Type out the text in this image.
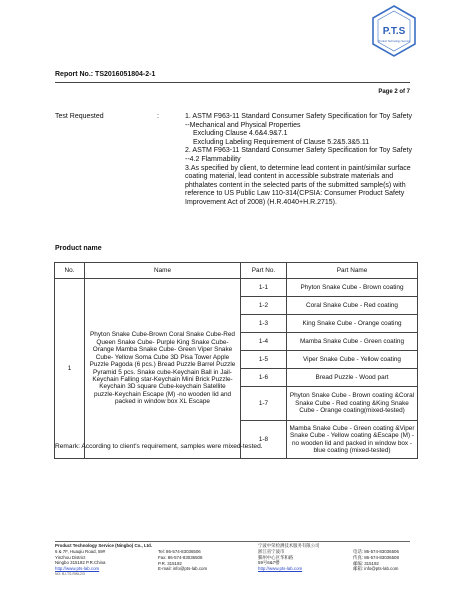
P.T.S
Product Technology Service
Report No.: TS2016051804-2-1
Page 2 of 7
Test Requested	:	1. ASTM F963-11 Standard Consumer Safety Specification for Toy Safety
--Mechanical and Physical Properties
Excluding Clause 4.6&4.9&7.1
Excluding Labeling Requirement of Clause 5.2&5.3&5.11
2. ASTM F963-11 Standard Consumer Safety Specification for Toy Safety
--4.2 Flammability
3.As specified by client, to determine lead content in paint/similar surface coating material, lead content in accessible substrate materials and phthalates content in the selected parts of the submitted sample(s) with reference to US Public Law 110-314(CPSIA: Consumer Product Safety Improvement Act of 2008) (H.R.4040+H.R.2715).
Product name
No.	Name	Part No.	Part Name
1	Phyton Snake Cube-Brown Coral Snake Cube-Red Queen Snake Cube- Purple King Snake Cube- Orange Mamba Snake Cube- Green Viper Snake Cube- Yellow Soma Cube 3D Pisa Tower Apple Puzzle Pagoda (6 pcs.) Bread Puzzle Barrel Puzzle Pyramid 5 pcs. Snake cube-Keychain Ball in Jail-Keychain Falling star-Keychain Mini Brick Puzzle-Keychain 3D square Cube-keychain Satellite puzzle-Keychain Escape (M) -no wooden lid and packed in window box XL Escape	1-1	Phyton Snake Cube - Brown coating
		1-2	Coral Snake Cube - Red coating
		1-3	King Snake Cube - Orange coating
		1-4	Mamba Snake Cube - Green coating
		1-5	Viper Snake Cube - Yellow coating
		1-6	Bread Puzzle - Wood part
		1-7	Phyton Snake Cube - Brown coating &Coral Snake Cube - Red coating &King Snake Cube - Orange coating(mixed-tested)
		1-8	Mamba Snake Cube - Green coating &Viper Snake Cube - Yellow coating &Escape (M) -no wooden lid and packed in window box - blue coating (mixed-tested)
Remark: According to client's requirement, samples were mixed-tested.
Product Technology Service (Ningbo) Co., Ltd.
6 & 7F, Huaqiu Road, 59#
Yinzhou District
Ningbo 315192 P.R.China
http://www.pts-lab.com
NO: BJ-TS-RWL2/3
Tel: 86-574-83036506
Fax: 86-574-83036508
P.R. 315192
E-mail: info@pts-lab.com
宁波中荣检测技术服务有限公司
浙江省宁波市
鄞州中心区华和路
59号6&7楼
http://www.pts-lab.com
电话: 86-574-83036506
传真: 86-574-83036508
邮编: 315192
邮箱: info@pts-lab.com
